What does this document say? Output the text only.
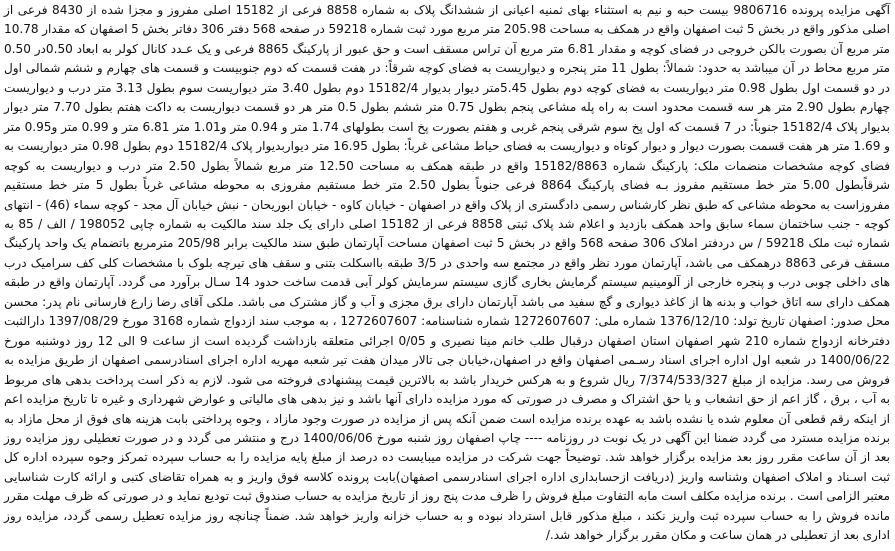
آگهی مزایده پرونده 9806716 بیست حبه و نیم به استثناء بهای ثمنیه اعیانی از ششدانگ پلاک به شماره 8858 فرعی از 15182 اصلی مفروز و مجزا شده از 8430 فرعی از اصلی مذکور واقع در بخش 5 ثبت اصفهان واقع در همکف به مساحت 205.98 متر مربع مورد ثبت شماره 59218 در صفحه 568 دفتر 306 دفاتر بخش 5 اصفهان که مقدار 10.78 متر مربع آن بصورت بالکن خروجی در فضای کوچه و مقدار 6.81 متر مربع آن تراس مسقف است و حق عبور از پارکینگ 8865 فرعی و یک عـدد کانال کولر به ابعاد 0.50در 0.50 متر مربع محاط در آن میباشد به حدود: شمالاً: بطول 11 متر پنجره و دیواریست به فضای کوچه شرقاً: در هفت قسمت که دوم جنوبیست و قسمت های چهارم و ششم شمالی اول در دو قسمت اول بطول 0.98 متر دیواریست به فضای کوچه دوم بطول 5.45متر دیوار بدیوار 15182/4 دوم بطول 3.40 متر دیواریست سوم بطول 3.13 متر درب و دیواریست چهارم بطول 2.90 متر هر سه قسمت محدود است به راه پله مشاعی پنجم بطول 0.75 متر ششم بطول 0.5 متر هر دو قسمت دیواریست به داکت هفتم بطول 7.70 متر دیوار بدیوار پلاک 15182/4 جنوباً: در 7 قسمت که اول پخ سوم شرقی پنجم غربی و هفتم بصورت پخ است بطولهای 1.74 متر و 0.94 متر و1.01 متر 6.81 متر و 0.99 متر و0.95 متر و 1.69 متر هر هفت قسمت بصورت دیوار و دیوار کوتاه و دیواریست به فضای حیاط مشاعی غرباً: بطول 16.95 متر دیواربدیوار پلاک 15182/4 دوم بطول 0.98 متر دیواریست به فضای کوچه مشخصات منضمات ملک: پارکینگ شماره 15182/8863 واقع در طبقه همکف به مساحت 12.50 متر مربع شمالاً بطول 2.50 متر درب و دیواریست به کوچه شرقاًبطول 5.00 متر خط مستقیم مفروز بـه فضای پارکینگ 8864 فرعی جنوباً بطول 2.50 متر خط مستقیم مفروزی به محوطه مشاعی غرباً بطول 5 متر خط مستقیم مفروزاست به محوطه مشاعی که طبق نظر کارشناس رسمی دادگستری از پلاک واقع در اصفهان - خیابان کاوه - خیابان ابوریحان - نبش خیابان آل مجد - کوچه سماء (46) - انتهای کوچه - جنب ساختمان سماء سابق واحد همکف بازدید و اعلام شد پلاک ثبتی 8858 فرعی از 15182 اصلی دارای یک جلد سند مالکیت به شماره چاپی 198052 / الف / 85 به شماره ثبت ملک 59218 / س دردفتر املاک 306 صفحه 568 واقع در بخش 5 ثبت اصفهان مساحت آپارتمان طبق سند مالکیت برابر 205/98 مترمربع باتضمام یک واحد پارکینگ مسقف فرعی 8863 درهمکف می باشد، آپارتمان مورد نظر واقع در مجتمع سه واحدی در 3/5 طبقه بااسکلت بتنی و سقف های تیرچه بلوک با مشخصات کلی کف سرامیک درب های داخلی چوبی درب و پنجره خارجی از آلومینیم سیستم گرمایش بخاری گازی سیستم سرمایش کولر آبی قدمت ساخت حدود 14 سـال برآورد می گردد. آپارتمان واقع در طبقه همکف دارای سه اتاق خواب و بدنه ها از کاغذ دیواری و گچ سفید می باشد آپارتمان دارای برق مجزی و آب و گاز مشترک می باشد. ملکی آقای رضا زارع فارسانی نام پدر: محسن محل صدور: اصفهان تاریخ تولد: 1376/12/10 شماره ملی: 1272607607 شماره شناسنامه: 1272607607 ، به موجب سند ازدواج شماره 3168 مورخ 1397/08/29 دارالثبت دفترخانه ازدواج شماره 210 شهر اصفهان استان اصفهان درقبال طلب خانم مینا نصیری و 0/05 اجرائی متعلقه بازداشت گردیده است از ساعت 9 الی 12 روز دوشنبه مورخ 1400/06/22 در شعبه اول اداره اجرای اسناد رسـمی اصفهان واقع در اصفهان،خیابان جی تالار میدان هفت تیر شعبه مهریه اداره اجرای اسنادرسمی اصفهان از طریق مزایده به فروش می رسد. مزایده از مبلغ 7/374/533/327 ریال شروع و به هرکس خریدار باشد به بالاترین قیمت پیشنهادی فروخته می شود. لازم به ذکر است پرداخت بدهی های مربوط به آب ، برق ، گاز اعم از حق انشعاب و یا حق اشتراک و مصرف در صورتی که مورد مزایده دارای آنها باشد و نیز بدهی های مالیاتی و عوارض شهرداری و غیره تا تاریخ مزایده اعم از اینکه رقم قطعی آن معلوم شده یا نشده باشد به عهده برنده مزایده است ضمن آنکه پس از مزایده در صورت وجود مازاد ، وجوه پرداختی بابت هزینه های فوق از محل مازاد به برنده مزایده مسترد می گردد ضمنا این آگهی در یک نوبت در روزنامه ---- چاپ اصفهان روز شنبه مورخ 1400/06/06 درج و منتشر می گردد و در صورت تعطیلی روز مزایده روز بعد از آن ساعت مقرر روز بعد مزایده برگزار خواهد شد. توضیحاً جهت شرکت در مزایده میبایست ده درصد از مبلغ پایه مزایده را به حساب سپرده تمرکز وجوه سپرده اداره کل ثبت اسـناد و املاک اصفهان وشناسه واریز (دریافت ازحسابداری اداره اجرای اسنادرسمی اصفهان)بابت پرونده کلاسه فوق واریز و به همراه تقاضای کتبی و ارائه کارت شناسایی معتبر الزامی است . برنده مزایده مکلف است مابه التفاوت مبلغ فروش را ظرف مدت پنج روز از تاریخ مزایده به حساب صندوق ثبت تودیع نماید و در صورتی که ظرف مهلت مقرر مانده فروش را به حساب سپرده ثبت واریز نکند ، مبلغ مذکور قابل استرداد نبوده و به حساب خزانه واریز خواهد شد. ضمناً چنانچه روز مزایده تعطیل رسمی گردد، مزایده روز اداری بعد از تعطیلی در همان ساعت و مکان مقرر برگزار خواهد شد./
